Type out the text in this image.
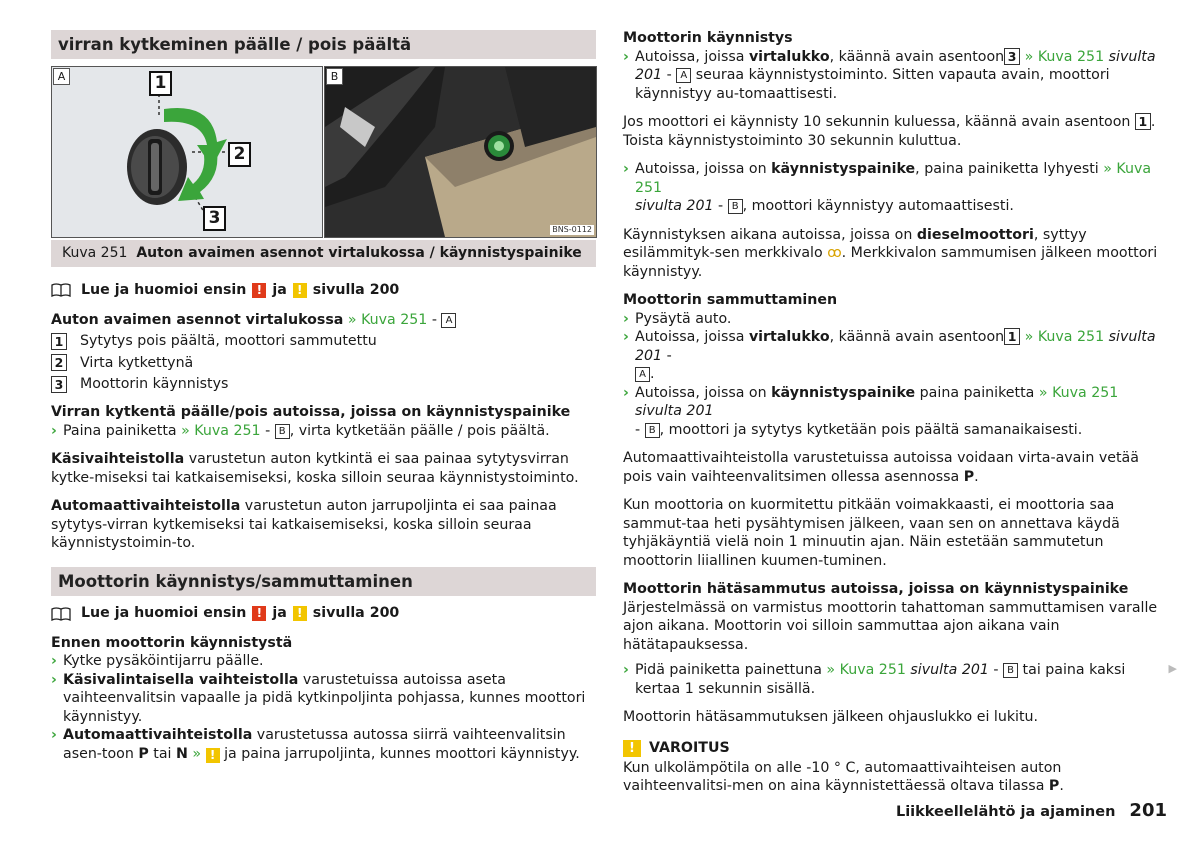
virran kytkeminen päälle / pois päältä
A	1
2
3
B
BNS-0112
Kuva 251 Auton avaimen asennot virtalukossa / käynnistyspainike
Lue ja huomioi ensin ! ja ! sivulla 200

Auton avaimen asennot virtalukossa » Kuva 251 - A

1 Sytytys pois päältä, moottori sammutettu
2 Virta kytkettynä
3 Moottorin käynnistys

Virran kytkentä päälle/pois autoissa, joissa on käynnistyspainike

› Paina painiketta » Kuva 251 - B , virta kytketään päälle / pois päältä.

Käsivaihteistolla varustetun auton kytkintä ei saa painaa sytytysvirran kytke-miseksi tai katkaisemiseksi, koska silloin seuraa käynnistystoiminto.

Automaattivaihteistolla varustetun auton jarrupoljinta ei saa painaa sytytys-virran kytkemiseksi tai katkaisemiseksi, koska silloin seuraa käynnistystoimin-to.

Moottorin käynnistys/sammuttaminen
Lue ja huomioi ensin ! ja ! sivulla 200

Ennen moottorin käynnistystä

› Kytke pysäköintijarru päälle.

› Käsivalintaisella vaihteistolla varustetuissa autoissa aseta vaihteenvalitsin vapaalle ja pidä kytkinpoljinta pohjassa, kunnes moottori käynnistyy.

› Automaattivaihteistolla varustetussa autossa siirrä vaihteenvalitsin asen-toon P tai N » ! ja paina jarrupoljinta, kunnes moottori käynnistyy.

Moottorin käynnistys

› Autoissa, joissa virtalukko, käännä avain asentoon 3 » Kuva 251 sivulta 201 - A seuraa käynnistystoiminto. Sitten vapauta avain, moottori käynnistyy au-tomaattisesti.

Jos moottori ei käynnisty 10 sekunnin kuluessa, käännä avain asentoon 1 . Toista käynnistystoiminto 30 sekunnin kuluttua.

› Autoissa, joissa on käynnistyspainike, paina painiketta lyhyesti » Kuva 251
sivulta 201 - B , moottori käynnistyy automaattisesti.

Käynnistyksen aikana autoissa, joissa on dieselmoottori, syttyy esilämmityk-sen merkkivalo ꝏ. Merkkivalon sammumisen jälkeen moottori käynnistyy.

Moottorin sammuttaminen

› Pysäytä auto.

› Autoissa, joissa virtalukko, käännä avain asentoon 1 » Kuva 251 sivulta 201 -
A .

› Autoissa, joissa on käynnistyspainike paina painiketta » Kuva 251 sivulta 201
- B , moottori ja sytytys kytketään pois päältä samanaikaisesti.

Automaattivaihteistolla varustetuissa autoissa voidaan virta-avain vetää pois vain vaihteenvalitsimen ollessa asennossa P.

Kun moottoria on kuormitettu pitkään voimakkaasti, ei moottoria saa sammut-taa heti pysähtymisen jälkeen, vaan sen on annettava käydä tyhjäkäyntiä vielä noin 1 minuutin ajan. Näin estetään sammutetun moottorin liiallinen kuumen-tuminen.

Moottorin hätäsammutus autoissa, joissa on käynnistyspainike

Järjestelmässä on varmistus moottorin tahattoman sammuttamisen varalle ajon aikana. Moottorin voi silloin sammuttaa ajon aikana vain hätätapauksessa.

› Pidä painiketta painettuna » Kuva 251 sivulta 201 - B tai paina kaksi kertaa 1 sekunnin sisällä.

Moottorin hätäsammutuksen jälkeen ohjauslukko ei lukitu.

! VAROITUS

Kun ulkolämpötila on alle -10 ° C, automaattivaihteisen auton vaihteenvalitsi-men on aina käynnistettäessä oltava tilassa P.

▶
Liikkeellelähtö ja ajaminen 201
